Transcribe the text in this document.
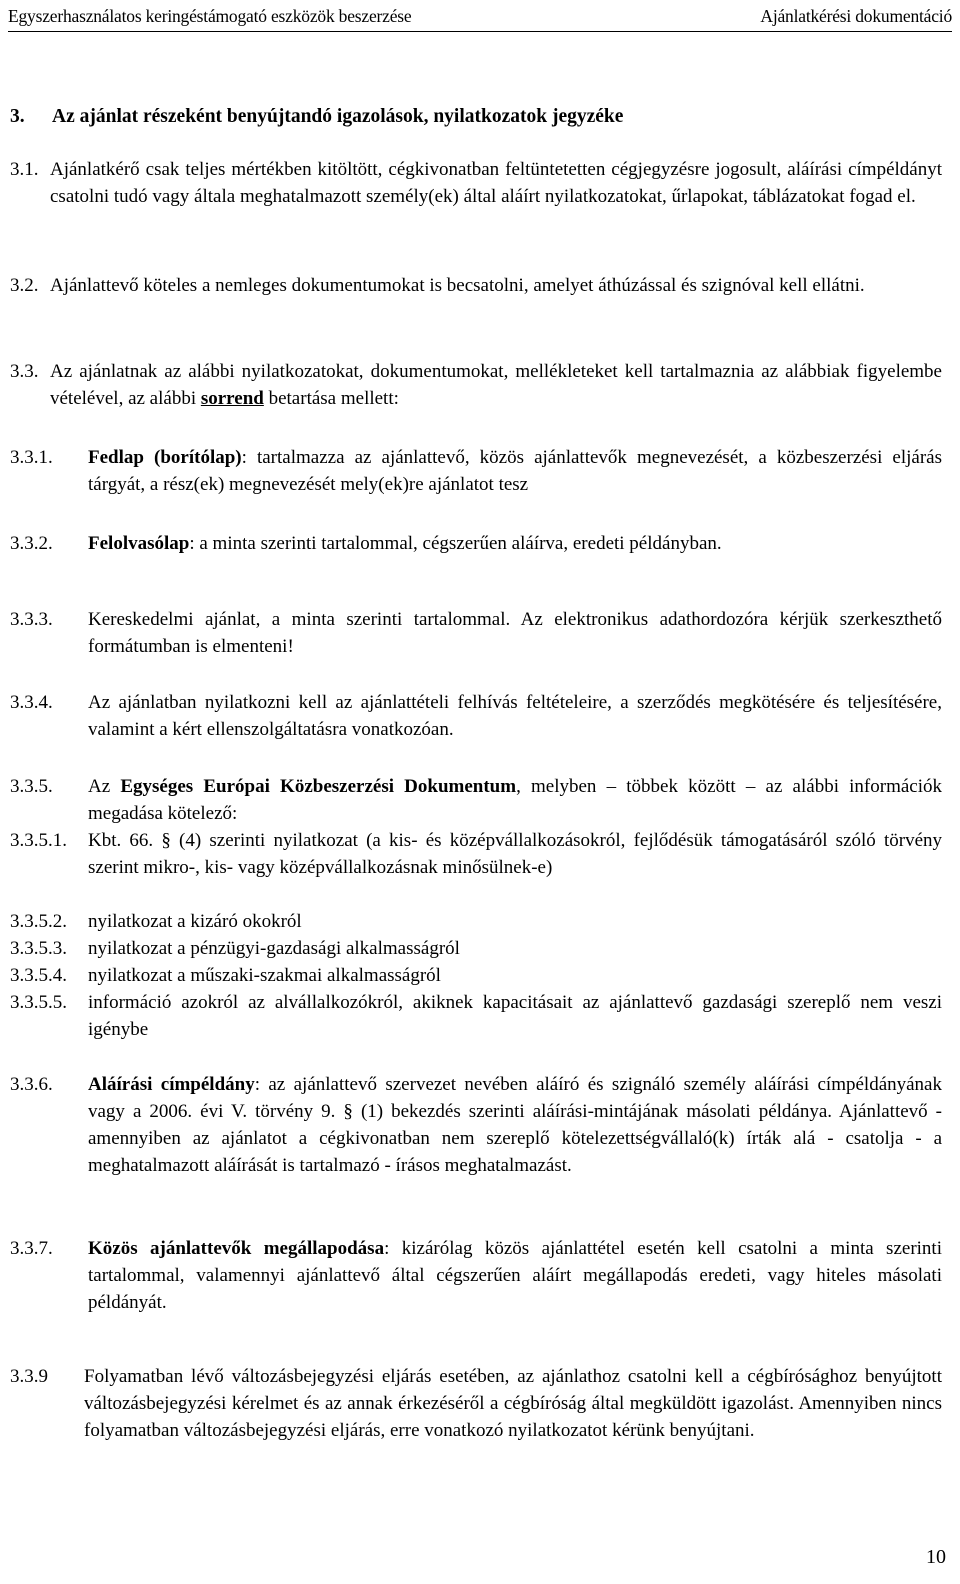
Egyszerhasználatos keringéstámogató eszközök beszerzése	Ajánlatkérési dokumentáció
3.	Az ajánlat részeként benyújtandó igazolások, nyilatkozatok jegyzéke
3.1. Ajánlatkérő csak teljes mértékben kitöltött, cégkivonatban feltüntetetten cégjegyzésre jogosult, aláírási címpéldányt csatolni tudó vagy általa meghatalmazott személy(ek) által aláírt nyilatkozatokat, űrlapokat, táblázatokat fogad el.
3.2. Ajánlattevő köteles a nemleges dokumentumokat is becsatolni, amelyet áthúzással és szignóval kell ellátni.
3.3. Az ajánlatnak az alábbi nyilatkozatokat, dokumentumokat, mellékleteket kell tartalmaznia az alábbiak figyelembe vételével, az alábbi sorrend betartása mellett:
3.3.1.	Fedlap (borítólap): tartalmazza az ajánlattevő, közös ajánlattevők megnevezését, a közbeszerzési eljárás tárgyát, a rész(ek) megnevezését mely(ek)re ajánlatot tesz
3.3.2.	Felolvasólap: a minta szerinti tartalommal, cégszerűen aláírva, eredeti példányban.
3.3.3.	Kereskedelmi ajánlat, a minta szerinti tartalommal. Az elektronikus adathordozóra kérjük szerkeszthető formátumban is elmenteni!
3.3.4.	Az ajánlatban nyilatkozni kell az ajánlattételi felhívás feltételeire, a szerződés megkötésére és teljesítésére, valamint a kért ellenszolgáltatásra vonatkozóan.
3.3.5.	Az Egységes Európai Közbeszerzési Dokumentum, melyben – többek között – az alábbi információk megadása kötelező:
3.3.5.1.	Kbt. 66. § (4) szerinti nyilatkozat (a kis- és középvállalkozásokról, fejlődésük támogatásáról szóló törvény szerint mikro-, kis- vagy középvállalkozásnak minősülnek-e)
3.3.5.2.	nyilatkozat a kizáró okokról
3.3.5.3.	nyilatkozat a pénzügyi-gazdasági alkalmasságról
3.3.5.4.	nyilatkozat a műszaki-szakmai alkalmasságról
3.3.5.5.	információ azokról az alvállalkozókról, akiknek kapacitásait az ajánlattevő gazdasági szereplő nem veszi igénybe
3.3.6.	Aláírási címpéldány: az ajánlattevő szervezet nevében aláíró és szignáló személy aláírási címpéldányának vagy a 2006. évi V. törvény 9. § (1) bekezdés szerinti aláírási-mintájának másolati példánya. Ajánlattevő - amennyiben az ajánlatot a cégkivonatban nem szereplő kötelezettségvállaló(k) írták alá - csatolja - a meghatalmazott aláírását is tartalmazó - írásos meghatalmazást.
3.3.7.	Közös ajánlattevők megállapodása: kizárólag közös ajánlattétel esetén kell csatolni a minta szerinti tartalommal, valamennyi ajánlattevő által cégszerűen aláírt megállapodás eredeti, vagy hiteles másolati példányát.
3.3.9	Folyamatban lévő változásbejegyzési eljárás esetében, az ajánlathoz csatolni kell a cégbírósághoz benyújtott változásbejegyzési kérelmet és az annak érkezéséről a cégbíróság által megküldött igazolást. Amennyiben nincs folyamatban változásbejegyzési eljárás, erre vonatkozó nyilatkozatot kérünk benyújtani.
10
